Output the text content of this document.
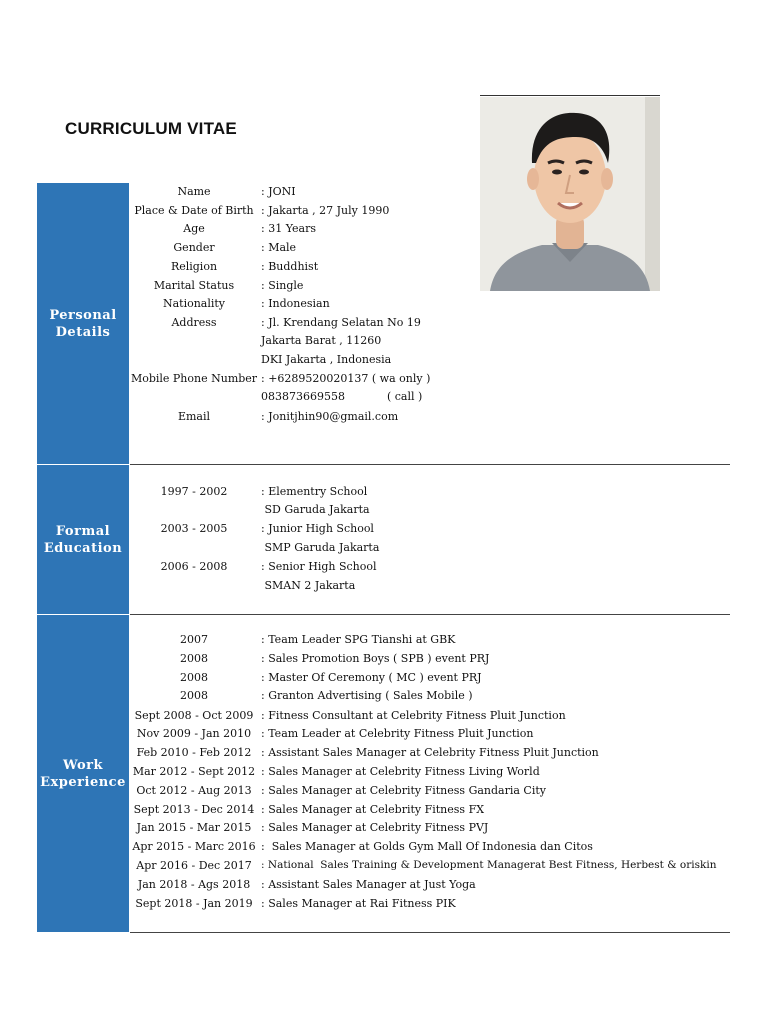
CURRICULUM VITAE
Personal
Details
Formal
Education
Work
Experience
Name	: JONI
Place & Date of Birth : Jakarta , 27 July 1990
Age	: 31 Years
Gender	: Male
Religion	: Buddhist
Marital Status	: Single
Nationality	: Indonesian
Address	: Jl. Krendang Selatan No 19
Jakarta Barat , 11260
DKI Jakarta , Indonesia
Mobile Phone Number : +6289520020137 ( wa only )
083873669558            ( call )
Email	: Jonitjhin90@gmail.com
1997 - 2002	: Elementry School
SD Garuda Jakarta
2003 - 2005	: Junior High School
SMP Garuda Jakarta
2006 - 2008	: Senior High School
SMAN 2 Jakarta
2007	: Team Leader SPG Tianshi at GBK
2008	: Sales Promotion Boys ( SPB ) event PRJ
2008	: Master Of Ceremony ( MC ) event PRJ
2008	: Granton Advertising ( Sales Mobile )
Sept 2008 - Oct 2009 : Fitness Consultant at Celebrity Fitness Pluit Junction
Nov 2009 - Jan 2010 : Team Leader at Celebrity Fitness Pluit Junction
Feb 2010 - Feb 2012 : Assistant Sales Manager at Celebrity Fitness Pluit Junction
Mar 2012 - Sept 2012 : Sales Manager at Celebrity Fitness Living World
Oct 2012 - Aug 2013 : Sales Manager at Celebrity Fitness Gandaria City
Sept 2013 - Dec 2014 : Sales Manager at Celebrity Fitness FX
Jan 2015 - Mar 2015 : Sales Manager at Celebrity Fitness PVJ
Apr 2015 - Marc 2016 :  Sales Manager at Golds Gym Mall Of Indonesia dan Citos
Apr 2016 - Dec 2017 : National  Sales Training & Development Managerat Best Fitness, Herbest & oriskin
Jan 2018 - Ags 2018 : Assistant Sales Manager at Just Yoga
Sept 2018 - Jan 2019 : Sales Manager at Rai Fitness PIK
